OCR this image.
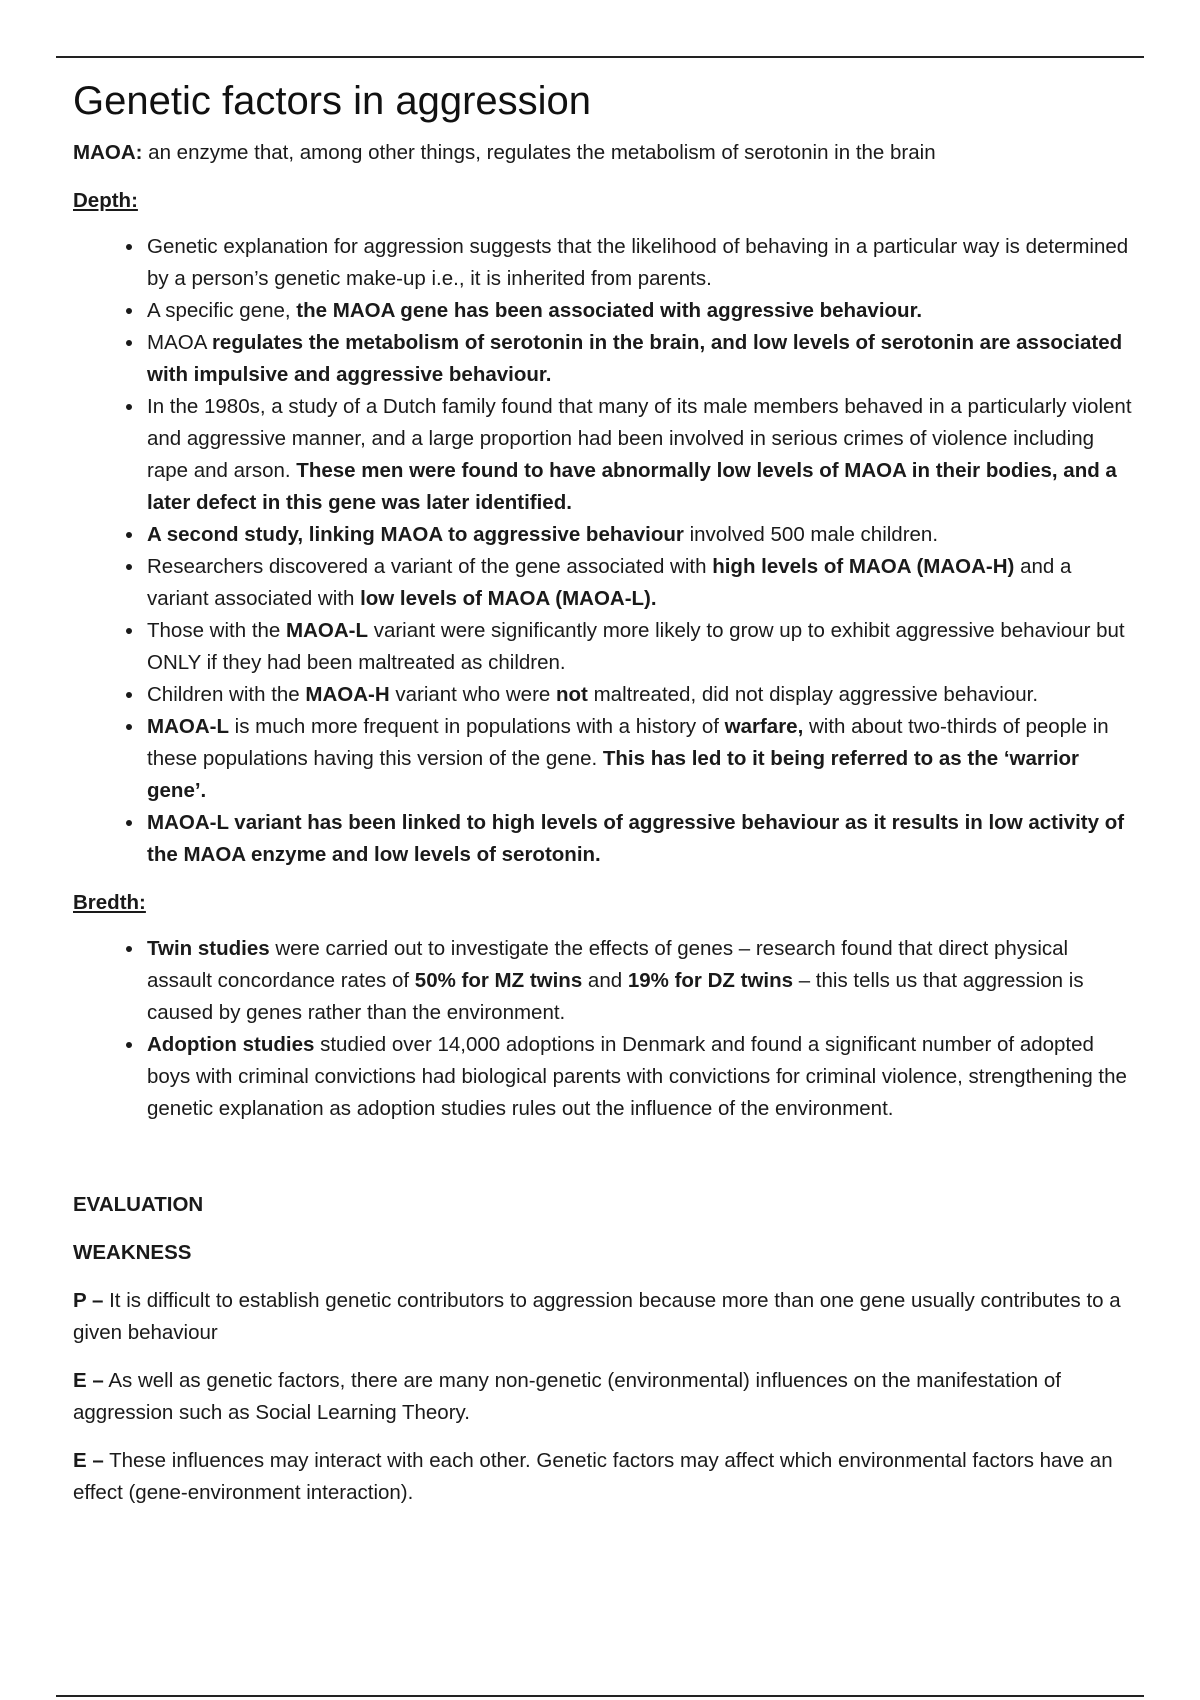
Genetic factors in aggression

MAOA: an enzyme that, among other things, regulates the metabolism of serotonin in the brain

Depth:

• Genetic explanation for aggression suggests that the likelihood of behaving in a particular way is determined by a person’s genetic make-up i.e., it is inherited from parents.
• A specific gene, the MAOA gene has been associated with aggressive behaviour.
• MAOA regulates the metabolism of serotonin in the brain, and low levels of serotonin are associated with impulsive and aggressive behaviour.
• In the 1980s, a study of a Dutch family found that many of its male members behaved in a particularly violent and aggressive manner, and a large proportion had been involved in serious crimes of violence including rape and arson. These men were found to have abnormally low levels of MAOA in their bodies, and a later defect in this gene was later identified.
• A second study, linking MAOA to aggressive behaviour involved 500 male children.
• Researchers discovered a variant of the gene associated with high levels of MAOA (MAOA-H) and a variant associated with low levels of MAOA (MAOA-L).
• Those with the MAOA-L variant were significantly more likely to grow up to exhibit aggressive behaviour but ONLY if they had been maltreated as children.
• Children with the MAOA-H variant who were not maltreated, did not display aggressive behaviour.
• MAOA-L is much more frequent in populations with a history of warfare, with about two-thirds of people in these populations having this version of the gene. This has led to it being referred to as the ‘warrior gene’.
• MAOA-L variant has been linked to high levels of aggressive behaviour as it results in low activity of the MAOA enzyme and low levels of serotonin.

Bredth:

• Twin studies were carried out to investigate the effects of genes – research found that direct physical assault concordance rates of 50% for MZ twins and 19% for DZ twins – this tells us that aggression is caused by genes rather than the environment.
• Adoption studies studied over 14,000 adoptions in Denmark and found a significant number of adopted boys with criminal convictions had biological parents with convictions for criminal violence, strengthening the genetic explanation as adoption studies rules out the influence of the environment.

EVALUATION

WEAKNESS

P – It is difficult to establish genetic contributors to aggression because more than one gene usually contributes to a given behaviour

E – As well as genetic factors, there are many non-genetic (environmental) influences on the manifestation of aggression such as Social Learning Theory.

E – These influences may interact with each other. Genetic factors may affect which environmental factors have an effect (gene-environment interaction).
